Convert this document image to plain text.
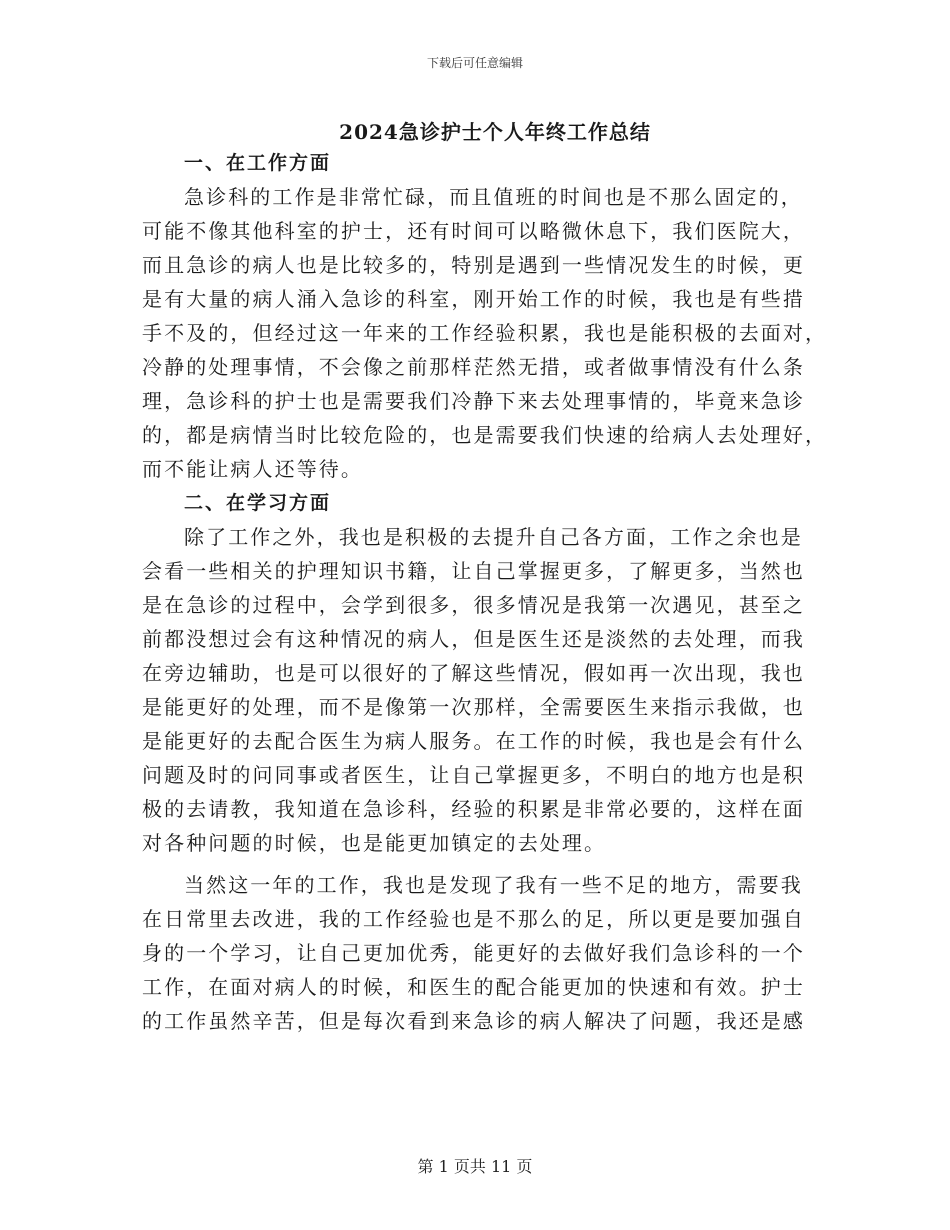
下载后可任意编辑
2024急诊护士个人年终工作总结
一、在工作方面
急诊科的工作是非常忙碌，而且值班的时间也是不那么固定的，
可能不像其他科室的护士，还有时间可以略微休息下，我们医院大，
而且急诊的病人也是比较多的，特别是遇到一些情况发生的时候，更
是有大量的病人涌入急诊的科室，刚开始工作的时候，我也是有些措
手不及的，但经过这一年来的工作经验积累，我也是能积极的去面对，
冷静的处理事情，不会像之前那样茫然无措，或者做事情没有什么条
理，急诊科的护士也是需要我们冷静下来去处理事情的，毕竟来急诊
的，都是病情当时比较危险的，也是需要我们快速的给病人去处理好，
而不能让病人还等待。
二、在学习方面
除了工作之外，我也是积极的去提升自己各方面，工作之余也是
会看一些相关的护理知识书籍，让自己掌握更多，了解更多，当然也
是在急诊的过程中，会学到很多，很多情况是我第一次遇见，甚至之
前都没想过会有这种情况的病人，但是医生还是淡然的去处理，而我
在旁边辅助，也是可以很好的了解这些情况，假如再一次出现，我也
是能更好的处理，而不是像第一次那样，全需要医生来指示我做，也
是能更好的去配合医生为病人服务。在工作的时候，我也是会有什么
问题及时的问同事或者医生，让自己掌握更多，不明白的地方也是积
极的去请教，我知道在急诊科，经验的积累是非常必要的，这样在面
对各种问题的时候，也是能更加镇定的去处理。
当然这一年的工作，我也是发现了我有一些不足的地方，需要我
在日常里去改进，我的工作经验也是不那么的足，所以更是要加强自
身的一个学习，让自己更加优秀，能更好的去做好我们急诊科的一个
工作，在面对病人的时候，和医生的配合能更加的快速和有效。护士
的工作虽然辛苦，但是每次看到来急诊的病人解决了问题，我还是感
第 1 页共 11 页
